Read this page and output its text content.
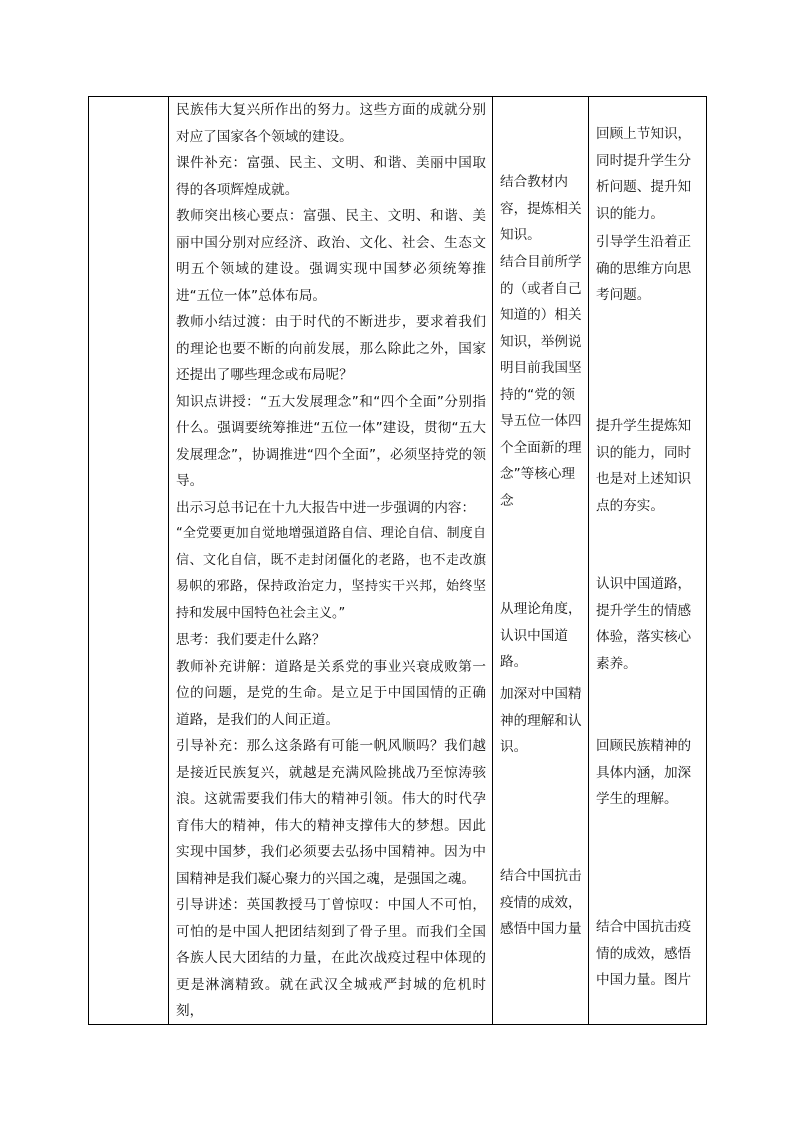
民族伟大复兴所作出的努力。这些方面的成就分别对应了国家各个领域的建设。

课件补充：富强、民主、文明、和谐、美丽中国取得的各项辉煌成就。

教师突出核心要点：富强、民主、文明、和谐、美丽中国分别对应经济、政治、文化、社会、生态文明五个领域的建设。强调实现中国梦必须统筹推进“五位一体”总体布局。

教师小结过渡：由于时代的不断进步，要求着我们的理论也要不断的向前发展，那么除此之外，国家还提出了哪些理念或布局呢？

知识点讲授：“五大发展理念”和“四个全面”分别指什么。强调要统筹推进“五位一体”建设，贯彻“五大发展理念”，协调推进“四个全面”，必须坚持党的领导。

出示习总书记在十九大报告中进一步强调的内容：

“全党要更加自觉地增强道路自信、理论自信、制度自信、文化自信，既不走封闭僵化的老路，也不走改旗易帜的邪路，保持政治定力，坚持实干兴邦，始终坚持和发展中国特色社会主义。”

思考：我们要走什么路？

教师补充讲解：道路是关系党的事业兴衰成败第一位的问题，是党的生命。是立足于中国国情的正确道路，是我们的人间正道。

引导补充：那么这条路有可能一帆风顺吗？我们越是接近民族复兴，就越是充满风险挑战乃至惊涛骇浪。这就需要我们伟大的精神引领。伟大的时代孕育伟大的精神，伟大的精神支撑伟大的梦想。因此实现中国梦，我们必须要去弘扬中国精神。因为中国精神是我们凝心聚力的兴国之魂，是强国之魂。

引导讲述：英国教授马丁曾惊叹：中国人不可怕，可怕的是中国人把团结刻到了骨子里。而我们全国各族人民大团结的力量，在此次战疫过程中体现的更是淋漓精致。就在武汉全城戒严封城的危机时刻，

结合教材内容，提炼相关知识。

结合目前所学的（或者自己知道的）相关知识，举例说明目前我国坚持的“党的领导五位一体四个全面新的理念”等核心理念

从理论角度，认识中国道路。

加深对中国精神的理解和认识。

结合中国抗击疫情的成效，感悟中国力量

回顾上节知识，同时提升学生分析问题、提升知识的能力。

引导学生沿着正确的思维方向思考问题。

提升学生提炼知识的能力，同时也是对上述知识点的夯实。

认识中国道路，提升学生的情感体验，落实核心素养。

回顾民族精神的具体内涵，加深学生的理解。

结合中国抗击疫情的成效，感悟中国力量。图片
